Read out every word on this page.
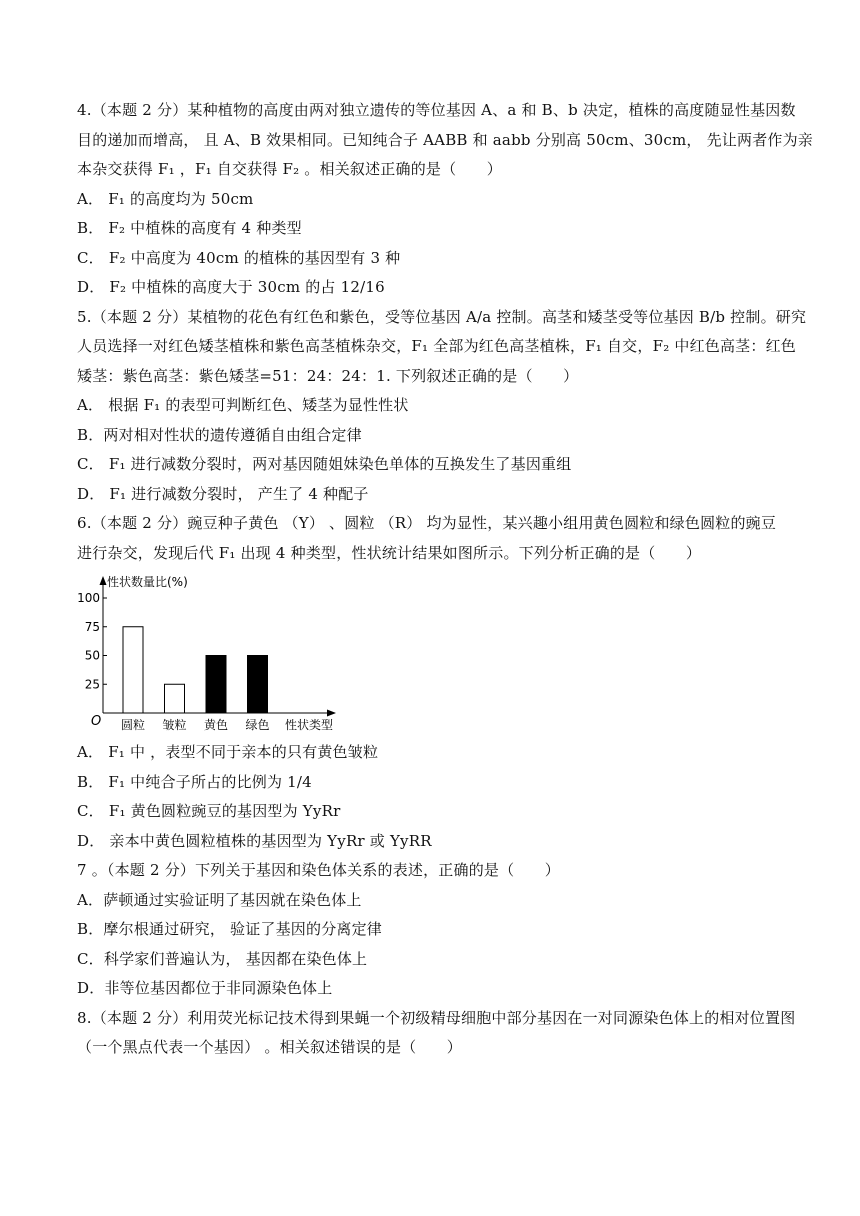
4.（本题 2 分）某种植物的高度由两对独立遗传的等位基因 A、a 和 B、b 决定，植株的高度随显性基因数
目的递加而增高， 且 A、B 效果相同。已知纯合子 AABB 和 aabb 分别高 50cm、30cm， 先让两者作为亲
本杂交获得 F₁ ，F₁ 自交获得 F₂ 。相关叙述正确的是（　　）
A． F₁ 的高度均为 50cm
B． F₂ 中植株的高度有 4 种类型
C． F₂ 中高度为 40cm 的植株的基因型有 3 种
D． F₂ 中植株的高度大于 30cm 的占 12/16
5.（本题 2 分）某植物的花色有红色和紫色，受等位基因 A/a 控制。高茎和矮茎受等位基因 B/b 控制。研究
人员选择一对红色矮茎植株和紫色高茎植株杂交，F₁ 全部为红色高茎植株，F₁ 自交，F₂ 中红色高茎：红色
矮茎：紫色高茎：紫色矮茎=51：24：24：1. 下列叙述正确的是（　　）
A． 根据 F₁ 的表型可判断红色、矮茎为显性性状
B．两对相对性状的遗传遵循自由组合定律
C． F₁ 进行减数分裂时，两对基因随姐妹染色单体的互换发生了基因重组
D． F₁ 进行减数分裂时， 产生了 4 种配子
6.（本题 2 分）豌豆种子黄色 （Y） 、圆粒 （R） 均为显性，某兴趣小组用黄色圆粒和绿色圆粒的豌豆
进行杂交，发现后代 F₁ 出现 4 种类型，性状统计结果如图所示。下列分析正确的是（　　）
性状数量比(%)
O
100
75
50
25
圆粒 皱粒 黄色 绿色 性状类型
A． F₁ 中 ，表型不同于亲本的只有黄色皱粒
B． F₁ 中纯合子所占的比例为 1/4
C． F₁ 黄色圆粒豌豆的基因型为 YyRr
D． 亲本中黄色圆粒植株的基因型为 YyRr 或 YyRR
7 。（本题 2 分）下列关于基因和染色体关系的表述，正确的是（　　）
A．萨顿通过实验证明了基因就在染色体上
B．摩尔根通过研究， 验证了基因的分离定律
C．科学家们普遍认为， 基因都在染色体上
D．非等位基因都位于非同源染色体上
8.（本题 2 分）利用荧光标记技术得到果蝇一个初级精母细胞中部分基因在一对同源染色体上的相对位置图
（一个黑点代表一个基因） 。相关叙述错误的是（　　）
